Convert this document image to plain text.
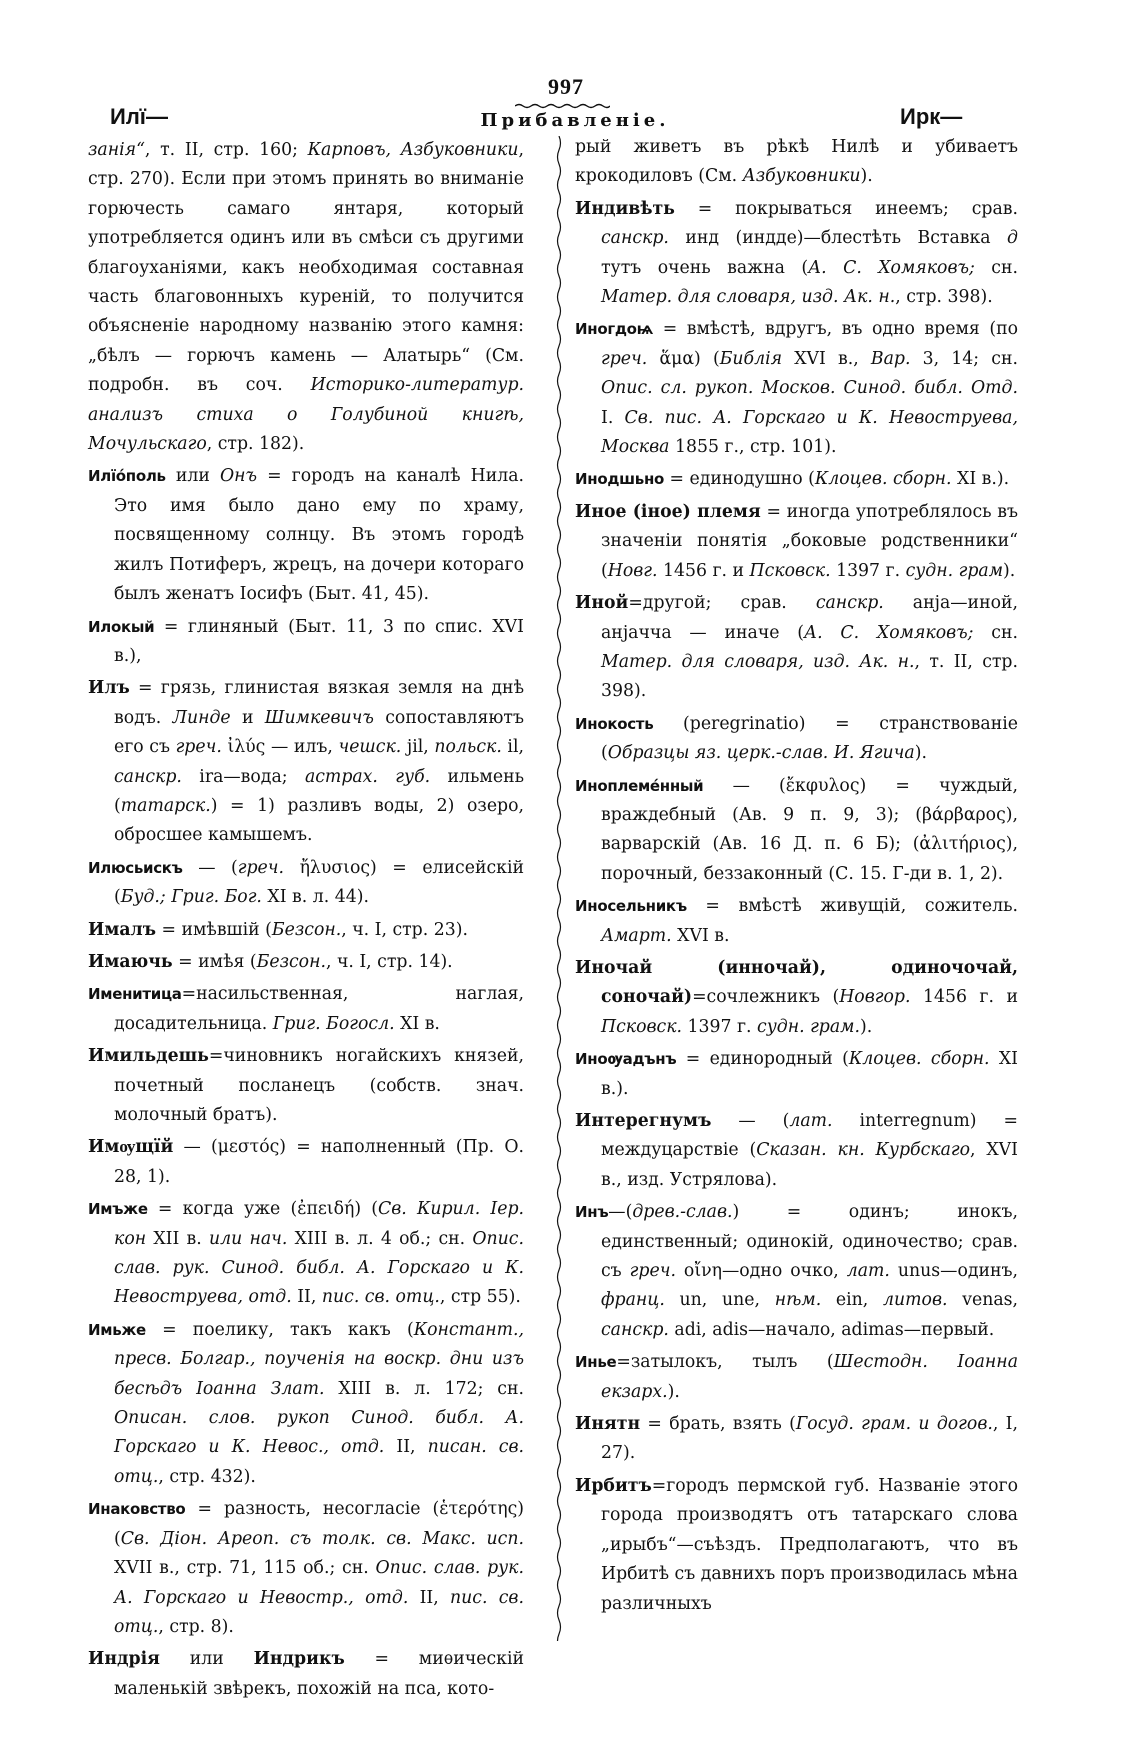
997
Илї—	Прибавленіе.	Ирк—

занія“, т. II, стр. 160; Карповъ, Азбуковники, стр. 270). Если при этомъ принять во вниманіе горючесть самаго янтаря, который употребляется одинъ или въ смѣси съ другими благоуханіями, какъ необходимая составная часть благовонныхъ куреній, то получится объясненіе народному названію этого камня: „бѣлъ — горючъ камень — Алатырь“ (См. подробн. въ соч. Историко-литератур. анализъ стиха о Голубиной книгѣ, Мочульскаго, стр. 182).

Илїо́поль или Онъ = городъ на каналѣ Нила. Это имя было дано ему по храму, посвященному солнцу. Въ этомъ городѣ жилъ Потиферъ, жрецъ, на дочери котораго былъ женатъ Іосифъ (Быт. 41, 45).

Илокый = глиняный (Быт. 11, 3 по спис. XVI в.),

Илъ = грязь, глинистая вязкая земля на днѣ водъ. Линде и Шимкевичъ сопоставляютъ его съ греч. ἰλύς — илъ, чешск. jil, польск. il, санскр. ira—вода; астрах. губ. ильмень (татарск.) = 1) разливъ воды, 2) озеро, обросшее камышемъ.

Илюсьискъ — (греч. ἤλυσιος) = елисейскій (Буд.; Григ. Бог. XI в. л. 44).

Ималъ = имѣвшій (Безсон., ч. I, стр. 23).

Имаючь = имѣя (Безсон., ч. I, стр. 14).

Именитица=насильственная, наглая, досадительница. Григ. Богосл. XI в.

Имильдешь=чиновникъ ногайскихъ князей, почетный посланецъ (собств. знач. молочный братъ).

Имѹщїй — (μεστός) = наполненный (Пр. О. 28, 1).

Имъже = когда уже (ἐπειδή) (Св. Кирил. Іер. кон XII в. или нач. XIII в. л. 4 об.; сн. Опис. слав. рук. Синод. библ. А. Горскаго и К. Невоструева, отд. II, пис. св. отц., стр 55).

Имьже = поелику, такъ какъ (Констант., пресв. Болгар., поученія на воскр. дни изъ бесѣдъ Іоанна Злат. XIII в. л. 172; сн. Описан. слов. рукоп Синод. библ. А. Горскаго и К. Невос., отд. II, писан. св. отц., стр. 432).

Инаковство = разность, несогласіе (ἑτερότης) (Св. Діон. Ареоп. съ толк. св. Макс. исп. XVII в., стр. 71, 115 об.; сн. Опис. слав. рук. А. Горскаго и Невостр., отд. II, пис. св. отц., стр. 8).

Индрія или Индрикъ = миѳическій маленькій звѣрекъ, похожій на пса, кото-

рый живетъ въ рѣкѣ Нилѣ и убиваетъ крокодиловъ (См. Азбуковники).

Индивѣть = покрываться инеемъ; срав. санскр. инд (индде)—блестѣть Вставка д тутъ очень важна (А. С. Хомяковъ; сн. Матер. для словаря, изд. Ак. н., стр. 398).

Иногдоѩ = вмѣстѣ, вдругъ, въ одно время (по греч. ἅμα) (Библія XVI в., Вар. 3, 14; сн. Опис. сл. рукоп. Москов. Синод. библ. Отд. I. Св. пис. А. Горскаго и К. Невоструева, Москва 1855 г., стр. 101).

Инодшьно = единодушно (Клоцев. сборн. XI в.).

Иное (іное) племя = иногда употреблялось въ значеніи понятія „боковые родственники“ (Новг. 1456 г. и Псковск. 1397 г. судн. грам).

Иной=другой; срав. санскр. анја—иной, анјачча — иначе (А. С. Хомяковъ; сн. Матер. для словаря, изд. Ак. н., т. II, стр. 398).

Инокость (peregrinatio) = странствованіе (Образцы яз. церк.-слав. И. Ягича).

Иноплеме́нный — (ἔκφυλος) = чуждый, враждебный (Ав. 9 п. 9, 3); (βάρβαρος), варварскій (Ав. 16 Д. п. 6 Б); (ἀλιτήριος), порочный, беззаконный (С. 15. Г-ди в. 1, 2).

Иносельникъ = вмѣстѣ живущій, сожитель. Амарт. XVI в.

Иночай (инночай), одиночочай, соночай)=сочлежникъ (Новгор. 1456 г. и Псковск. 1397 г. судн. грам.).

Иноѹадънъ = единородный (Клоцев. сборн. XI в.).

Интерегнумъ — (лат. interregnum) = междуцарствіе (Сказан. кн. Курбскаго, XVI в., изд. Устрялова).

Инъ—(древ.-слав.) = одинъ; инокъ, единственный; одинокій, одиночество; срав. съ греч. οἴνη—одно очко, лат. unus—одинъ, франц. un, une, нѣм. ein, литов. venas, санскр. adi, adis—начало, adimas—первый.

Инье=затылокъ, тылъ (Шестодн. Іоанна екзарх.).

Инятн = брать, взять (Госуд. грам. и догов., I, 27).

Ирбитъ=городъ пермской губ. Названіе этого города производятъ отъ татарскаго слова „ирыбъ“—съѣздъ. Предполагаютъ, что въ Ирбитѣ съ давнихъ поръ производилась мѣна различныхъ
